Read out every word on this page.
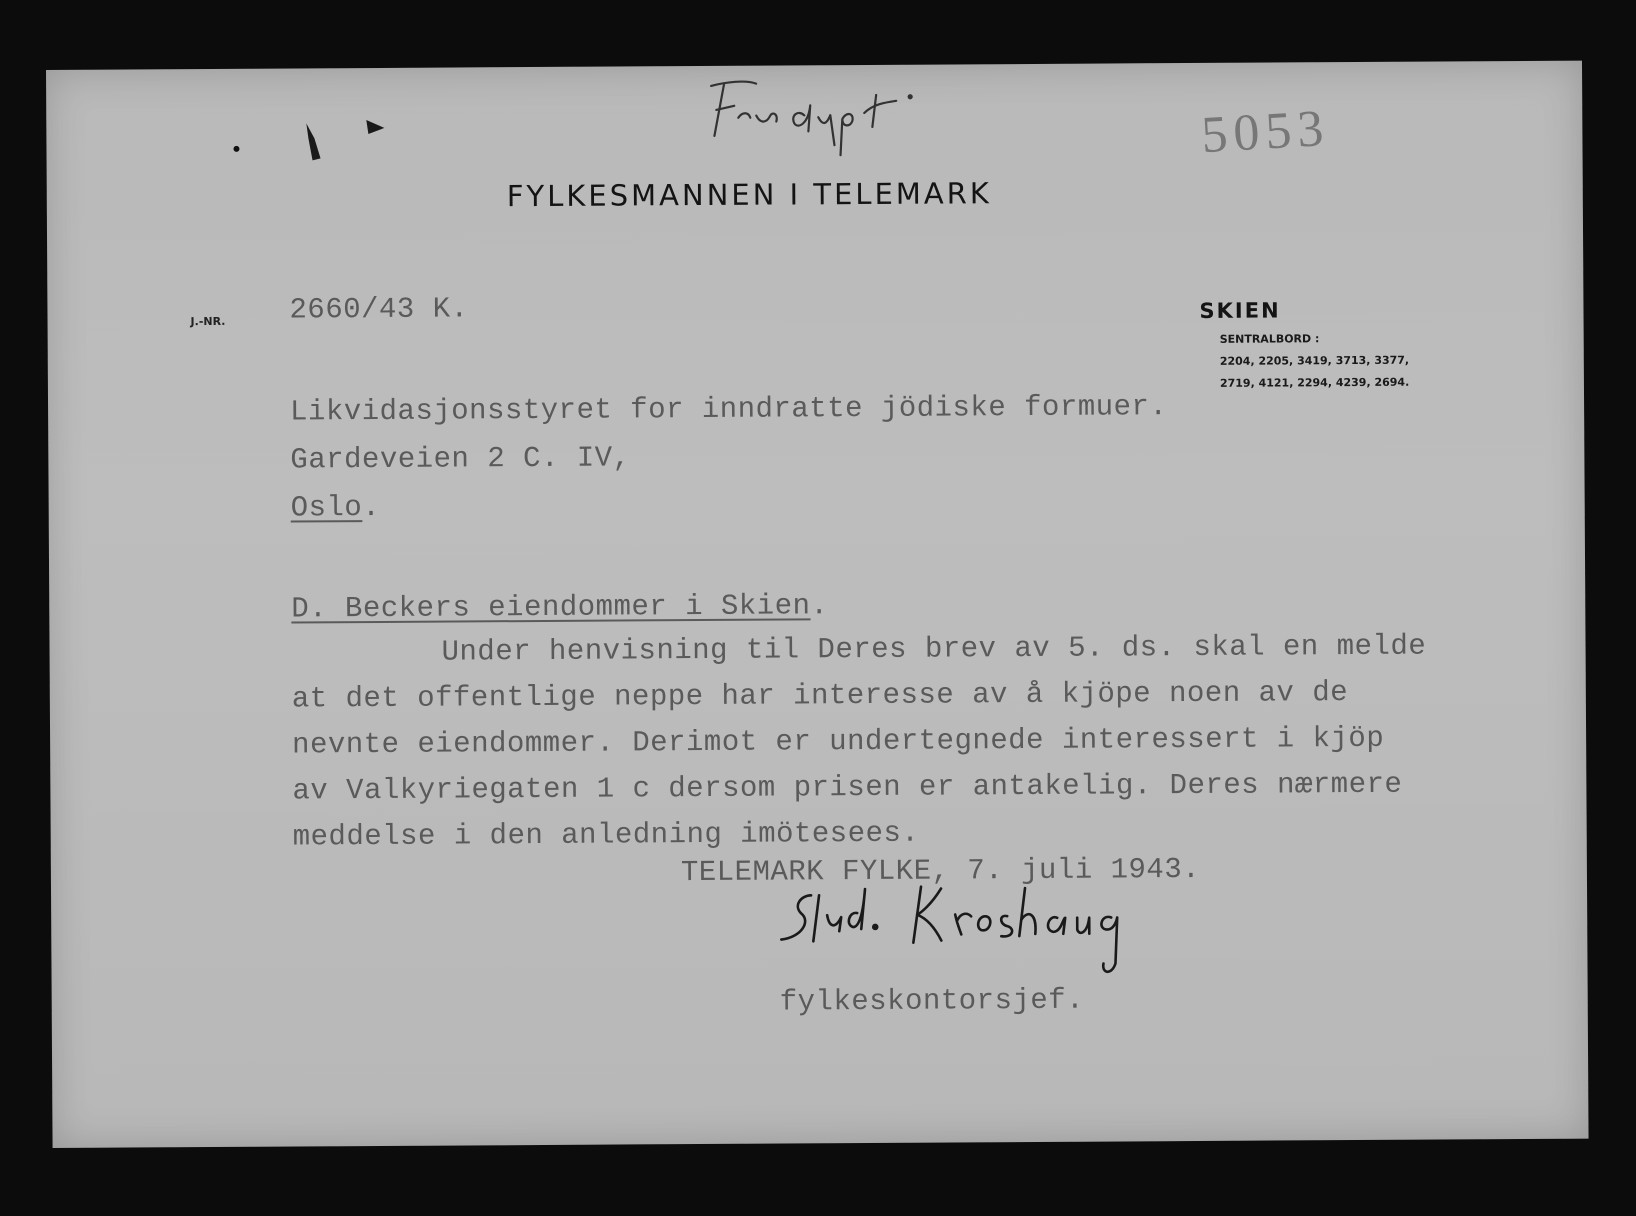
5053
FYLKESMANNEN I TELEMARK
J.-NR. 2660/43 K.	SKIEN
SENTRALBORD :
2204, 2205, 3419, 3713, 3377,
2719, 4121, 2294, 4239, 2694.
Likvidasjonsstyret for inndratte jödiske formuer.
Gardeveien 2 C. IV,
Oslo.
D. Beckers eiendommer i Skien.
Under henvisning til Deres brev av 5. ds. skal en melde
at det offentlige neppe har interesse av å kjöpe noen av de
nevnte eiendommer. Derimot er undertegnede interessert i kjöp
av Valkyriegaten 1 c dersom prisen er antakelig. Deres nærmere
meddelse i den anledning imötesees.
TELEMARK FYLKE, 7. juli 1943.
fylkeskontorsjef.
